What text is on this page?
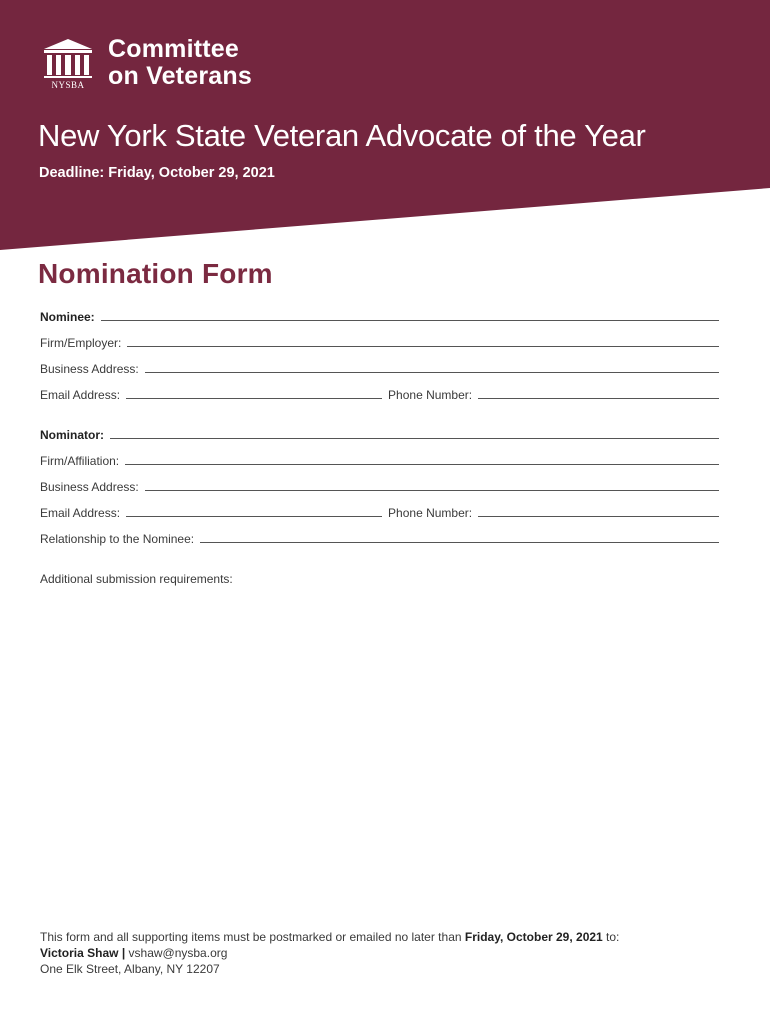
NYSBA
Committee
on Veterans
New York State Veteran Advocate of the Year

Deadline: Friday, October 29, 2021

Nomination Form
Nominee:
Firm/Employer:
Business Address:
Email Address:	Phone Number:
Nominator:
Firm/Affiliation:
Business Address:
Email Address:	Phone Number:
Relationship to the Nominee:

Additional submission requirements:

This form and all supporting items must be postmarked or emailed no later than Friday, October 29, 2021 to:

Victoria Shaw | vshaw@nysba.org

One Elk Street, Albany, NY 12207
